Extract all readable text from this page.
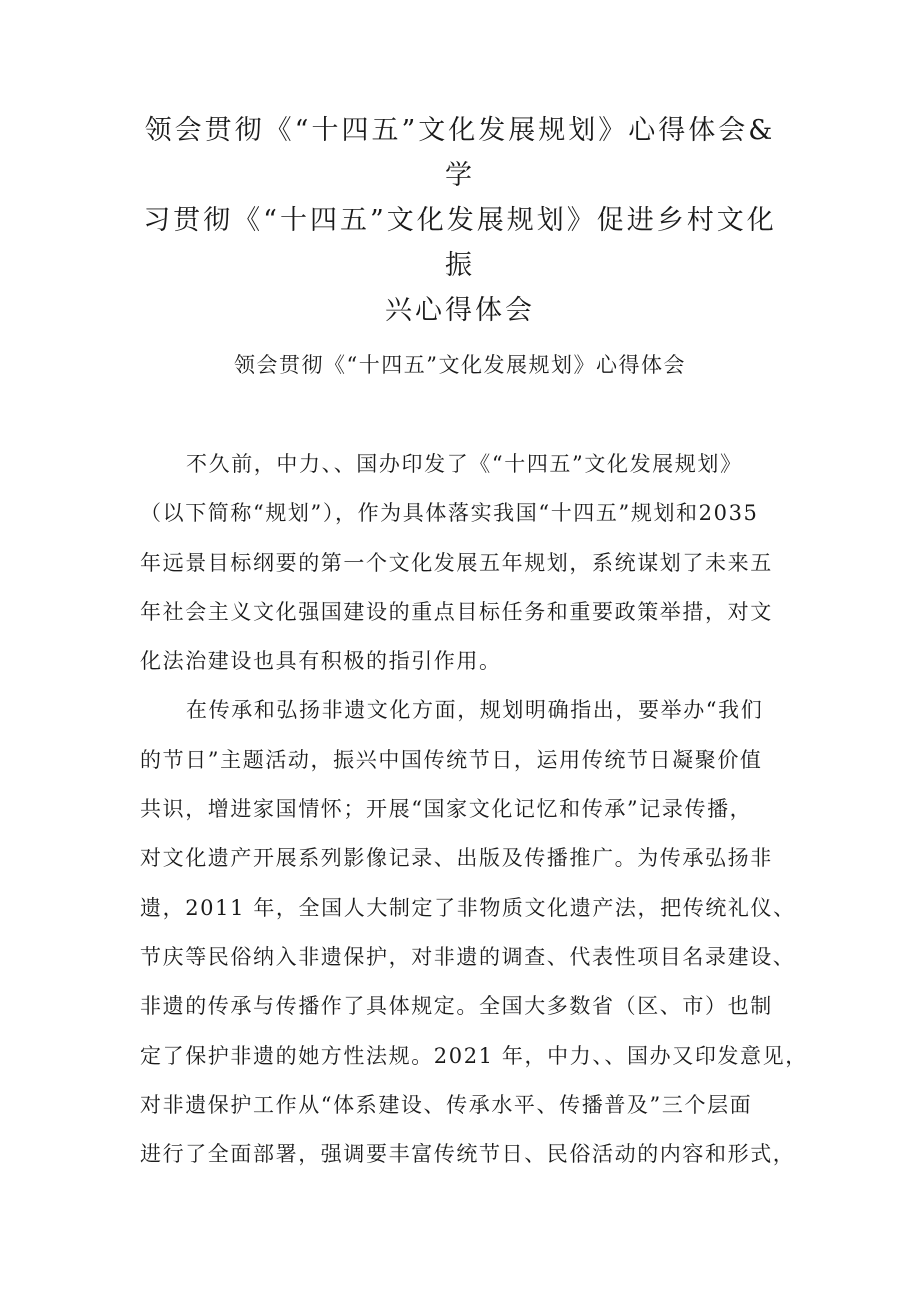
领会贯彻《“十四五”文化发展规划》心得体会&学
习贯彻《“十四五”文化发展规划》促进乡村文化振
兴心得体会
领会贯彻《“十四五”文化发展规划》心得体会
不久前，中力、、国办印发了《“十四五”文化发展规划》
（以下简称“规划”），作为具体落实我国“十四五”规划和2035
年远景目标纲要的第一个文化发展五年规划，系统谋划了未来五
年社会主义文化强国建设的重点目标任务和重要政策举措，对文
化法治建设也具有积极的指引作用。
在传承和弘扬非遗文化方面，规划明确指出，要举办“我们
的节日”主题活动，振兴中国传统节日，运用传统节日凝聚价值
共识，增进家国情怀；开展“国家文化记忆和传承”记录传播，
对文化遗产开展系列影像记录、出版及传播推广。为传承弘扬非
遗，2011 年，全国人大制定了非物质文化遗产法，把传统礼仪、
节庆等民俗纳入非遗保护，对非遗的调查、代表性项目名录建设、
非遗的传承与传播作了具体规定。全国大多数省（区、市）也制
定了保护非遗的她方性法规。2021 年，中力、、国办又印发意见，
对非遗保护工作从“体系建设、传承水平、传播普及”三个层面
进行了全面部署，强调要丰富传统节日、民俗活动的内容和形式，
